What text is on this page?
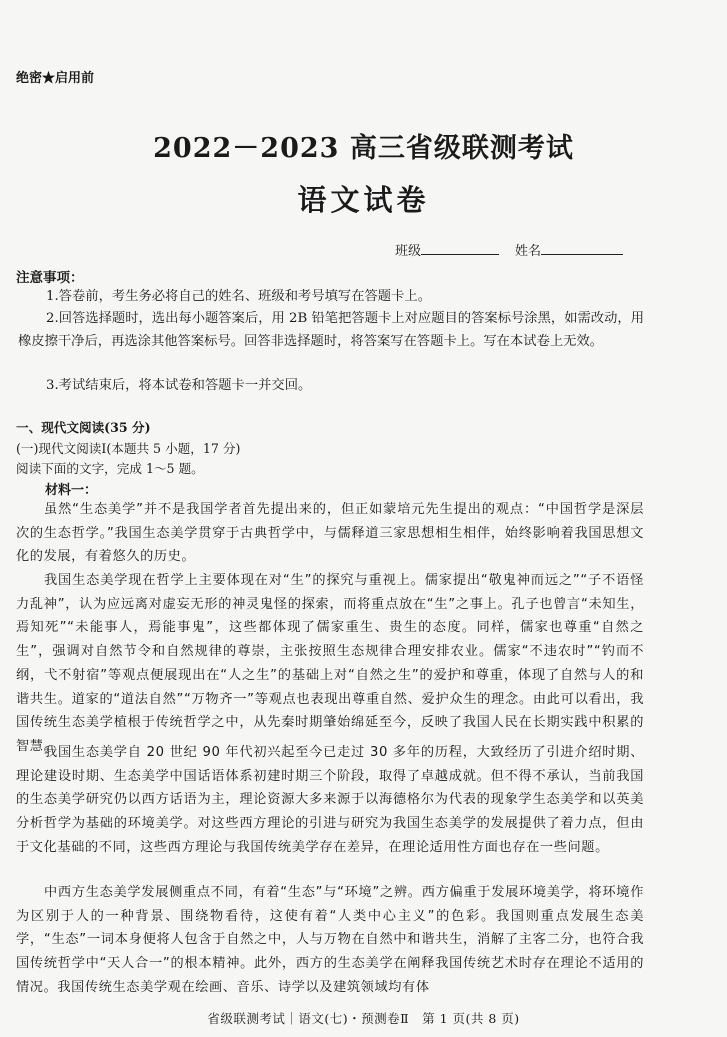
绝密★启用前
2022－2023 高三省级联测考试
语文试卷
班级	姓名
注意事项：
1.答卷前，考生务必将自己的姓名、班级和考号填写在答题卡上。
2.回答选择题时，选出每小题答案后，用 2B 铅笔把答题卡上对应题目的答案标号涂黑，如需改动，用橡皮擦干净后，再选涂其他答案标号。回答非选择题时，将答案写在答题卡上。写在本试卷上无效。
3.考试结束后，将本试卷和答题卡一并交回。
一、现代文阅读(35 分)
(一)现代文阅读Ⅰ(本题共 5 小题，17 分)
阅读下面的文字，完成 1～5 题。
材料一：
虽然“生态美学”并不是我国学者首先提出来的，但正如蒙培元先生提出的观点：“中国哲学是深层次的生态哲学。”我国生态美学贯穿于古典哲学中，与儒释道三家思想相生相伴，始终影响着我国思想文化的发展，有着悠久的历史。
我国生态美学现在哲学上主要体现在对“生”的探究与重视上。儒家提出“敬鬼神而远之”“子不语怪力乱神”，认为应远离对虚妄无形的神灵鬼怪的探索，而将重点放在“生”之事上。孔子也曾言“未知生，焉知死”“未能事人，焉能事鬼”，这些都体现了儒家重生、贵生的态度。同样，儒家也尊重“自然之生”，强调对自然节令和自然规律的尊崇，主张按照生态规律合理安排农业。儒家“不违农时”“钓而不纲，弋不射宿”等观点便展现出在“人之生”的基础上对“自然之生”的爱护和尊重，体现了自然与人的和谐共生。道家的“道法自然”“万物齐一”等观点也表现出尊重自然、爱护众生的理念。由此可以看出，我国传统生态美学植根于传统哲学之中，从先秦时期肇始绵延至今，反映了我国人民在长期实践中积累的智慧。
我国生态美学自 20 世纪 90 年代初兴起至今已走过 30 多年的历程，大致经历了引进介绍时期、理论建设时期、生态美学中国话语体系初建时期三个阶段，取得了卓越成就。但不得不承认，当前我国的生态美学研究仍以西方话语为主，理论资源大多来源于以海德格尔为代表的现象学生态美学和以英美分析哲学为基础的环境美学。对这些西方理论的引进与研究为我国生态美学的发展提供了着力点，但由于文化基础的不同，这些西方理论与我国传统美学存在差异，在理论适用性方面也存在一些问题。
中西方生态美学发展侧重点不同，有着“生态”与“环境”之辨。西方偏重于发展环境美学，将环境作为区别于人的一种背景、围绕物看待，这使有着“人类中心主义”的色彩。我国则重点发展生态美学，“生态”一词本身便将人包含于自然之中，人与万物在自然中和谐共生，消解了主客二分，也符合我国传统哲学中“天人合一”的根本精神。此外，西方的生态美学在阐释我国传统艺术时存在理论不适用的情况。我国传统生态美学观在绘画、音乐、诗学以及建筑领域均有体
省级联测考试｜语文(七)・预测卷Ⅱ　第 1 页(共 8 页)
